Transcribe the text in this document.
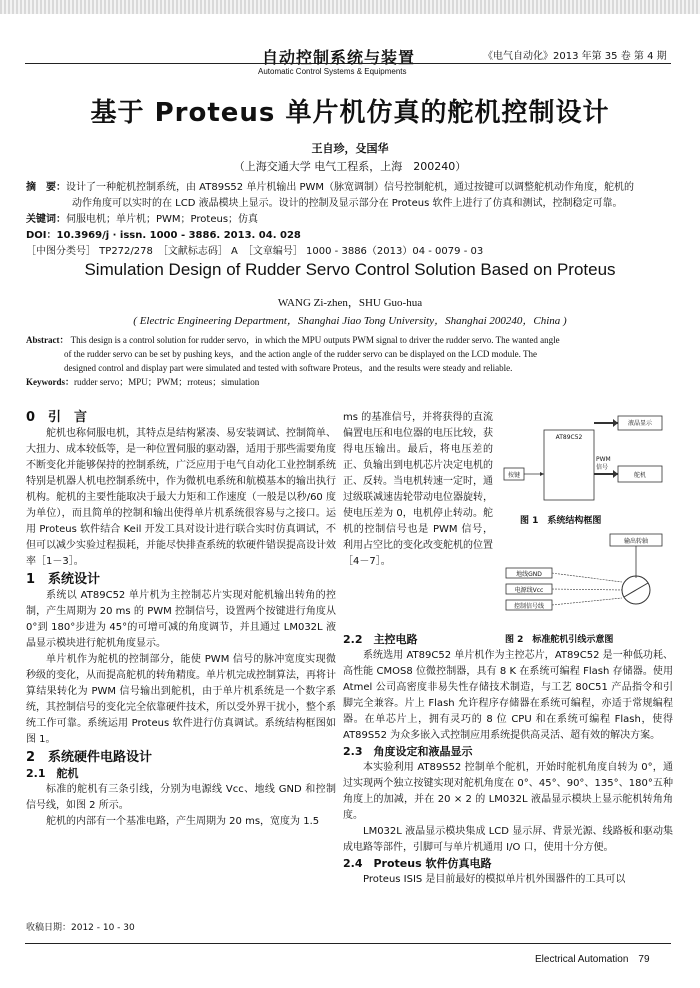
自动控制系统与装置
Automatic Control Systems & Equipments
《电气自动化》2013 年第 35 卷 第 4 期
基于 Proteus 单片机仿真的舵机控制设计
王自珍，殳国华
（上海交通大学 电气工程系，上海　200240）
摘　要：设计了一种舵机控制系统，由 AT89S52 单片机输出 PWM（脉宽调制）信号控制舵机，通过按键可以调整舵机动作角度，舵机的
动作角度可以实时的在 LCD 液晶模块上显示。设计的控制及显示部分在 Proteus 软件上进行了仿真和测试，控制稳定可靠。
关键词：伺服电机；单片机；PWM；Proteus；仿真
DOI：10.3969/j · issn. 1000 - 3886. 2013. 04. 028
［中图分类号］ TP272/278　［文献标志码］ A　［文章编号］ 1000 - 3886（2013）04 - 0079 - 03
Simulation Design of Rudder Servo Control Solution Based on Proteus
WANG Zi-zhen，SHU Guo-hua
( Electric Engineering Department，Shanghai Jiao Tong University，Shanghai 200240，China )
Abstract： This design is a control solution for rudder servo，in which the MPU outputs PWM signal to driver the rudder servo. The wanted angle
of the rudder servo can be set by pushing keys，and the action angle of the rudder servo can be displayed on the LCD module. The
designed control and display part were simulated and tested with software Proteus，and the results were steady and reliable.
Keywords：rudder servo；MPU；PWM；rroteus；simulation
0　引　言

舵机也称伺服电机，其特点是结构紧凑、易安装调试、控制简单、大扭力、成本较低等，是一种位置伺服的驱动器，适用于那些需要角度不断变化并能够保持的控制系统，广泛应用于电气自动化工业控制系统特别是机器人机电控制系统中，作为微机电系统和航模基本的输出执行机构。舵机的主要性能取决于最大力矩和工作速度（一般是以秒/60 度为单位），而且简单的控制和输出使得单片机系统很容易与之接口。运用 Proteus 软件结合 Keil 开发工具对设计进行联合实时仿真调试，不但可以减少实验过程损耗，并能尽快排查系统的软硬件错误提高设计效率［1－3］。

1　系统设计

系统以 AT89C52 单片机为主控制芯片实现对舵机输出转角的控制，产生周期为 20 ms 的 PWM 控制信号，设置两个按键进行角度从 0°到 180°步进为 45°的可增可减的角度调节，并且通过 LM032L 液晶显示模块进行舵机角度显示。

单片机作为舵机的控制部分，能使 PWM 信号的脉冲宽度实现微秒级的变化，从而提高舵机的转角精度。单片机完成控制算法，再将计算结果转化为 PWM 信号输出到舵机，由于单片机系统是一个数字系统，其控制信号的变化完全依靠硬件技术，所以受外界干扰小，整个系统工作可靠。系统运用 Proteus 软件进行仿真调试。系统结构框图如图 1。

2　系统硬件电路设计
2.1　舵机

标准的舵机有三条引线，分别为电源线 Vcc、地线 GND 和控制信号线，如图 2 所示。

舵机的内部有一个基准电路，产生周期为 20 ms，宽度为 1.5

ms 的基准信号，并将获得的直流偏置电压和电位器的电压比较，获得电压输出。最后，将电压差的正、负输出到电机芯片决定电机的正、反转。当电机转速一定时，通过级联减速齿轮带动电位器旋转，使电压差为 0，电机停止转动。舵机的控制信号也是 PWM 信号，利用占空比的变化改变舵机的位置［4－7］。

按键
AT89C52
PWM 信号
液晶显示
舵机
图 1　系统结构框图
输出转轴
地线GND
电源线Vcc
控制信号线
图 2　标准舵机引线示意图
2.2　主控电路

系统选用 AT89C52 单片机作为主控芯片，AT89C52 是一种低功耗、高性能 CMOS8 位微控制器，具有 8 K 在系统可编程 Flash 存储器。使用 Atmel 公司高密度非易失性存储技术制造，与工艺 80C51 产品指令和引脚完全兼容。片上 Flash 允许程序存储器在系统可编程，亦适于常规编程器。在单芯片上，拥有灵巧的 8 位 CPU 和在系统可编程 Flash，使得 AT89S52 为众多嵌入式控制应用系统提供高灵活、超有效的解决方案。

2.3　角度设定和液晶显示

本实验利用 AT89S52 控制单个舵机，开始时舵机角度自转为 0°，通过实现两个独立按键实现对舵机角度在 0°、45°、90°、135°、180°五种角度上的加减，并在 20 × 2 的 LM032L 液晶显示模块上显示舵机转角角度。

LM032L 液晶显示模块集成 LCD 显示屏、背景光源、线路板和驱动集成电路等部件，引脚可与单片机通用 I/O 口，使用十分方便。

2.4　Proteus 软件仿真电路

Proteus ISIS 是目前最好的模拟单片机外围器件的工具可以

收稿日期：2012 - 10 - 30
Electrical Automation　79
